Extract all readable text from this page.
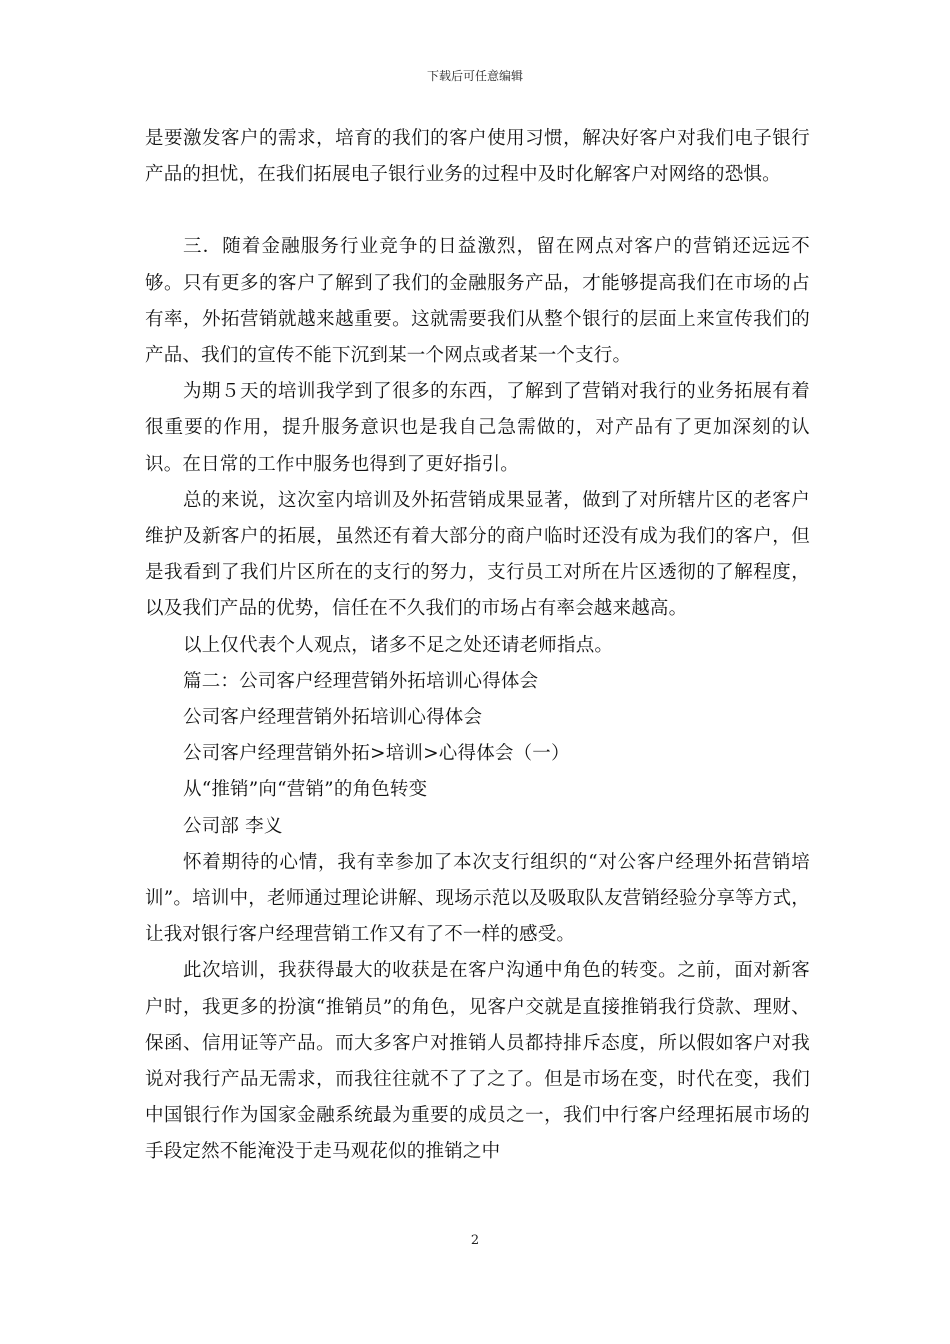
下载后可任意编辑

是要激发客户的需求，培育的我们的客户使用习惯，解决好客户对我们电子银行产品的担忧，在我们拓展电子银行业务的过程中及时化解客户对网络的恐惧。

三．随着金融服务行业竞争的日益激烈，留在网点对客户的营销还远远不够。只有更多的客户了解到了我们的金融服务产品，才能够提高我们在市场的占有率，外拓营销就越来越重要。这就需要我们从整个银行的层面上来宣传我们的产品、我们的宣传不能下沉到某一个网点或者某一个支行。

为期５天的培训我学到了很多的东西，了解到了营销对我行的业务拓展有着很重要的作用，提升服务意识也是我自己急需做的，对产品有了更加深刻的认识。在日常的工作中服务也得到了更好指引。

总的来说，这次室内培训及外拓营销成果显著，做到了对所辖片区的老客户维护及新客户的拓展，虽然还有着大部分的商户临时还没有成为我们的客户，但是我看到了我们片区所在的支行的努力，支行员工对所在片区透彻的了解程度，以及我们产品的优势，信任在不久我们的市场占有率会越来越高。

以上仅代表个人观点，诸多不足之处还请老师指点。

篇二：公司客户经理营销外拓培训心得体会

公司客户经理营销外拓培训心得体会

公司客户经理营销外拓>培训>心得体会（一）

从“推销”向“营销”的角色转变

公司部 李义

怀着期待的心情，我有幸参加了本次支行组织的“对公客户经理外拓营销培训”。培训中，老师通过理论讲解、现场示范以及吸取队友营销经验分享等方式，让我对银行客户经理营销工作又有了不一样的感受。

此次培训，我获得最大的收获是在客户沟通中角色的转变。之前，面对新客户时，我更多的扮演“推销员”的角色，见客户交就是直接推销我行贷款、理财、保函、信用证等产品。而大多客户对推销人员都持排斥态度，所以假如客户对我说对我行产品无需求，而我往往就不了了之了。但是市场在变，时代在变，我们中国银行作为国家金融系统最为重要的成员之一，我们中行客户经理拓展市场的手段定然不能淹没于走马观花似的推销之中

2
